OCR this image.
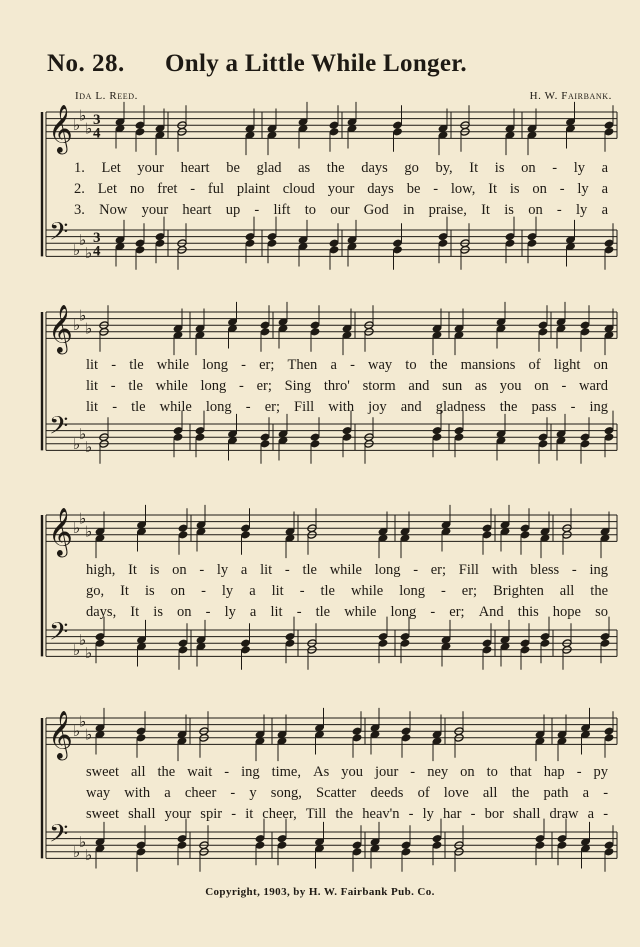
No. 28. Only a Little While Longer.
Ida L. Reed.	H. W. Fairbank.
𝄞
𝄢
♭
♭
♭
♭
♭
♭
3
4
3
4
𝄞
𝄢
♭
♭
♭
♭
♭
♭
𝄞
𝄢
♭
♭
♭
♭
♭
♭
𝄞
𝄢
♭
♭
♭
♭
♭
♭
1. Let your heart be glad as the days go by, It is on - ly a
2. Let no fret - ful plaint cloud your days be - low, It is on - ly a
3. Now your heart up - lift to our God in praise, It is on - ly a
lit - tle while long - er; Then a - way to the mansions of light on
lit - tle while long - er; Sing thro' storm and sun as you on - ward
lit - tle while long - er; Fill with joy and gladness the pass - ing
high, It is on - ly a lit - tle while long - er; Fill with bless - ing
go, It is on - ly a lit - tle while long - er; Brighten all the
days, It is on - ly a lit - tle while long - er; And this hope so
sweet all the wait - ing time, As you jour - ney on to that hap - py
way with a cheer - y song, Scatter deeds of love all the path a -
sweet shall your spir - it cheer, Till the heav'n - ly har - bor shall draw a -
Copyright, 1903, by H. W. Fairbank Pub. Co.
